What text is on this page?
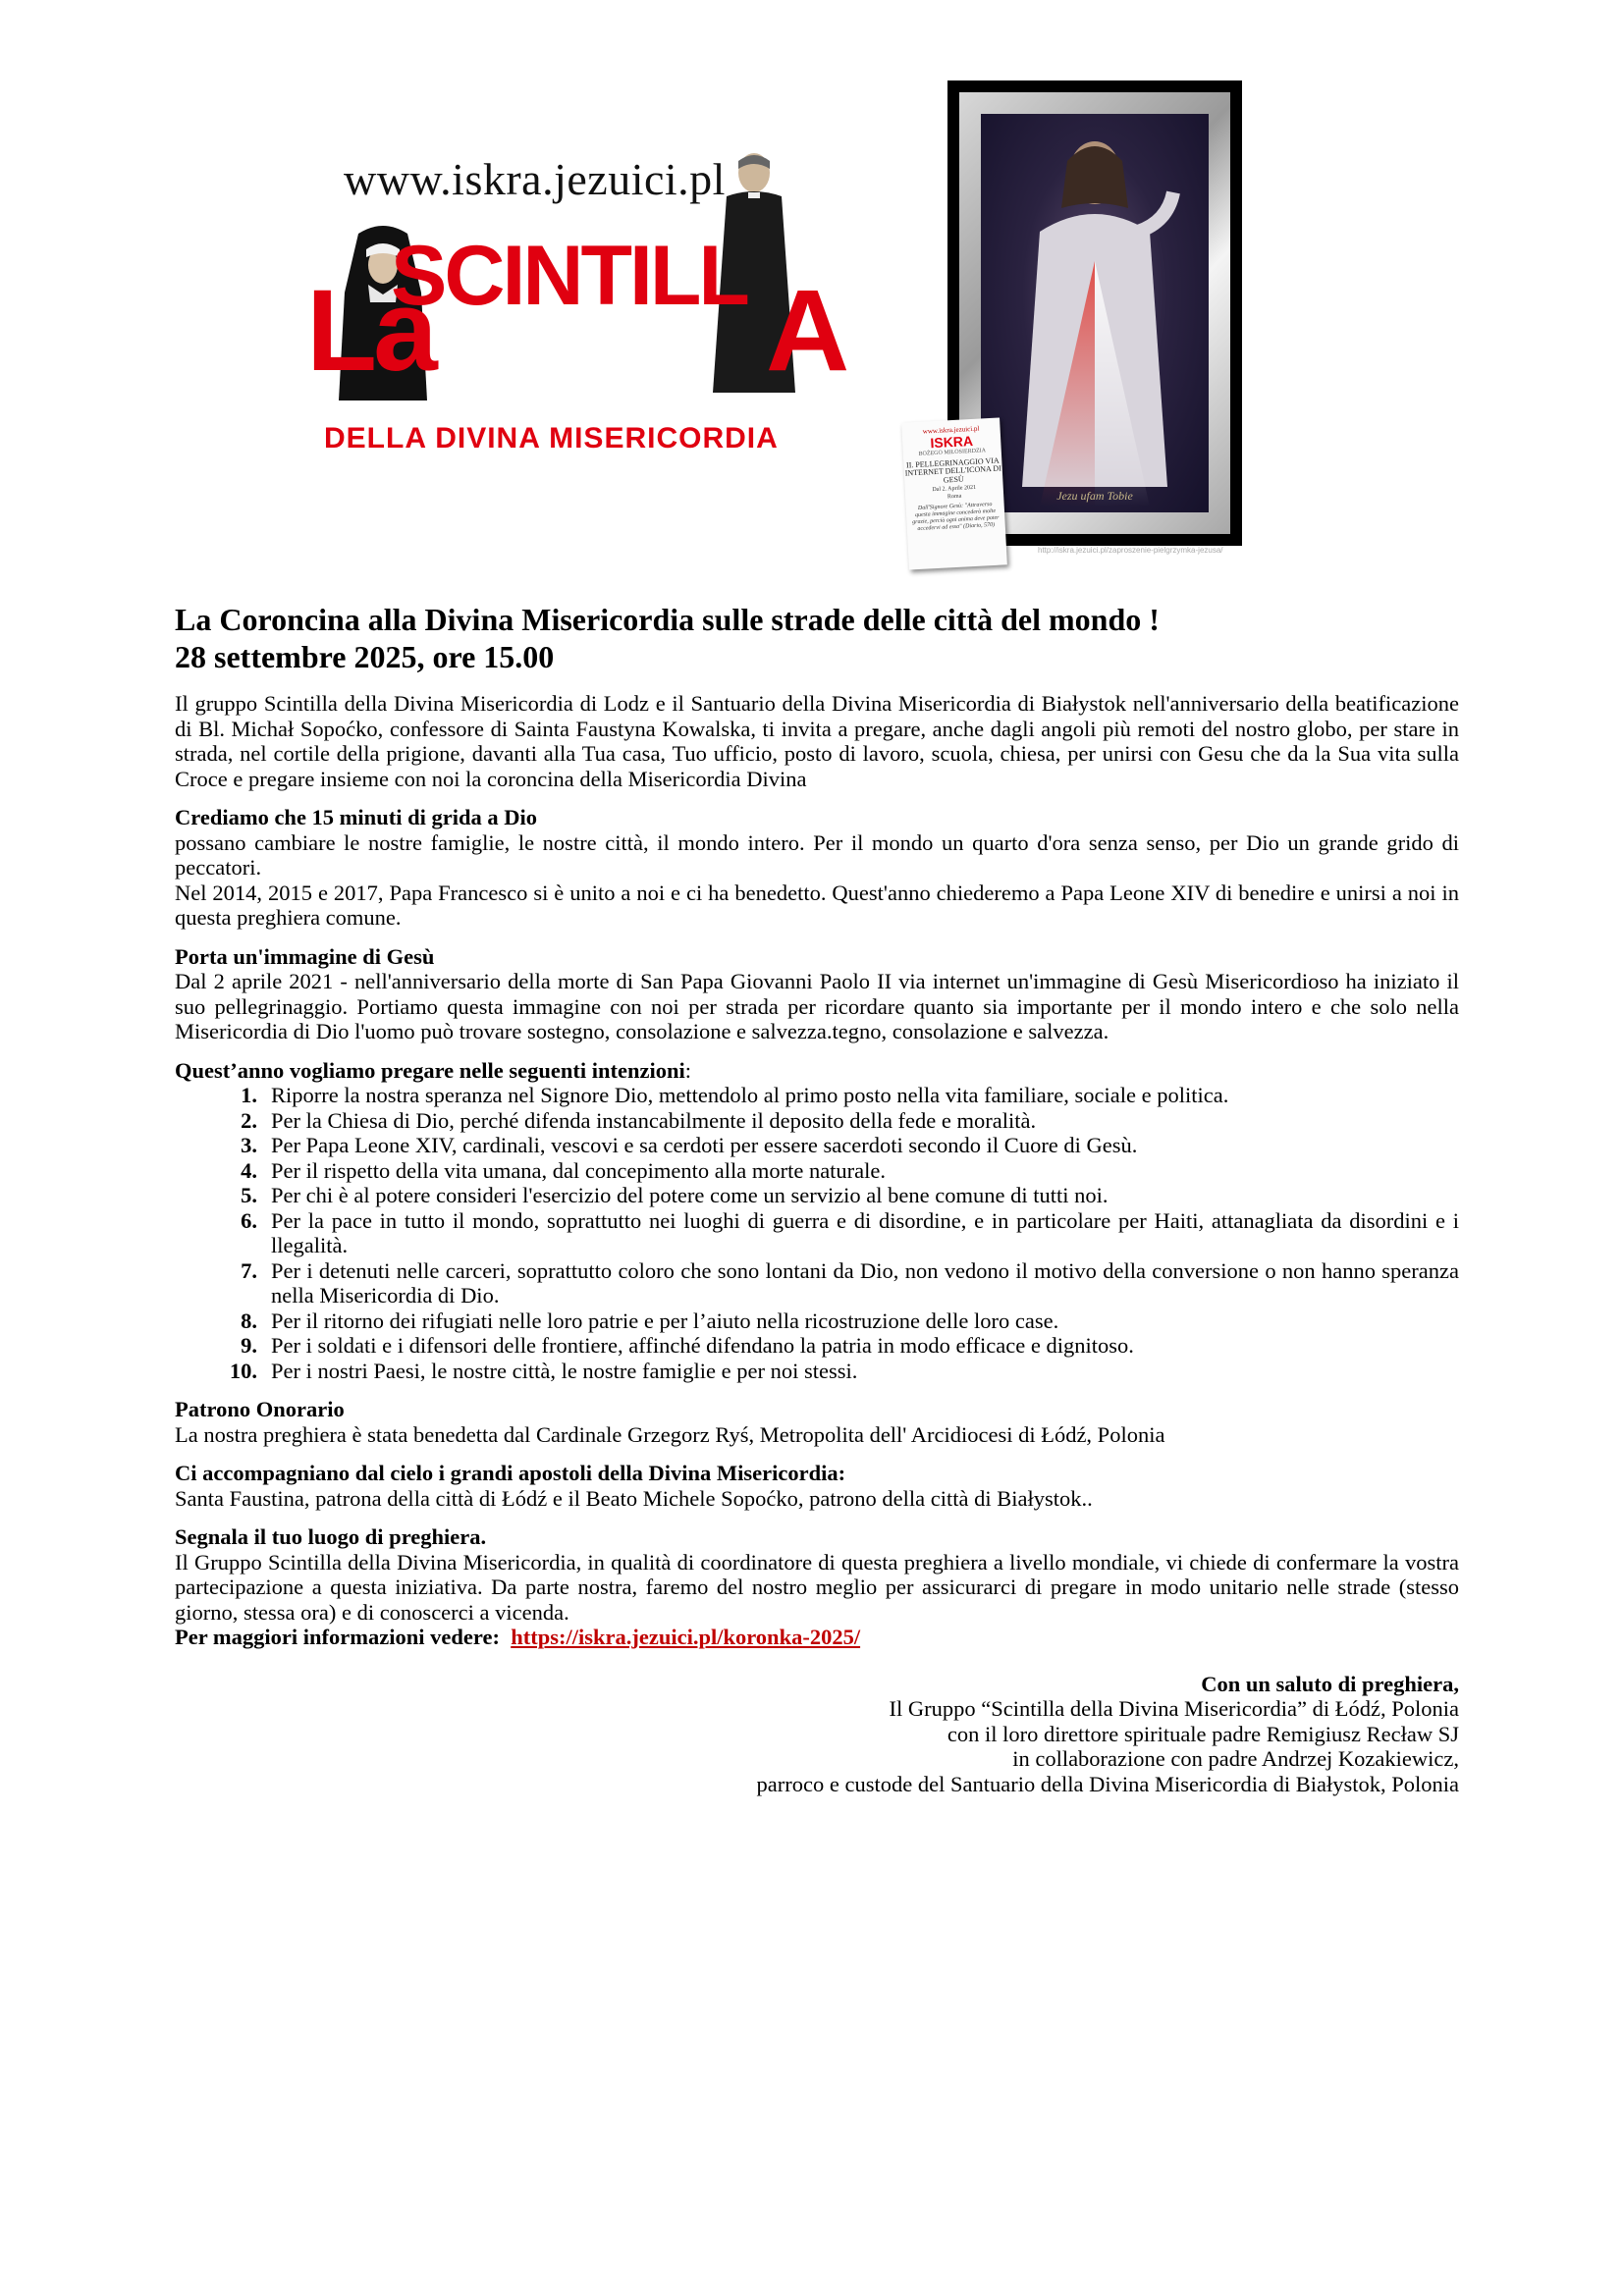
www.iskra.jezuici.pl
SCINTILL
La	A
DELLA DIVINA MISERICORDIA
Jezu ufam Tobie
http://iskra.jezuici.pl/zaproszenie-pielgrzymka-jezusa/
www.iskra.jezuici.pl
ISKRA
BOŻEGO MIŁOSIERDZIA
II. PELLEGRINAGGIO VIA INTERNET DELL'ICONA DI GESÙ
Dal 2. Aprile 2021
Roma
Dall'Signore Gesù: "Attraverso questa immagine concederò molte grazie, perciò ogni anima deve poter accedervi ad essa" (Diario, 570)
La Coroncina alla Divina Misericordia sulle strade delle città del mondo !
28 settembre 2025, ore 15.00

Il gruppo Scintilla della Divina Misericordia di Lodz e il Santuario della Divina Misericordia di Białystok nell'anniversario della beatificazione di Bl. Michał Sopoćko, confessore di Sainta Faustyna Kowalska, ti invita a pregare, anche dagli angoli più remoti del nostro globo, per stare in strada, nel cortile della prigione, davanti alla Tua casa, Tuo ufficio, posto di lavoro, scuola, chiesa, per unirsi con Gesu che da la Sua vita sulla Croce e pregare insieme con noi la coroncina della Misericordia Divina

Crediamo che 15 minuti di grida a Dio

possano cambiare le nostre famiglie, le nostre città, il mondo intero. Per il mondo un quarto d'ora senza senso, per Dio un grande grido di peccatori.

Nel 2014, 2015 e 2017, Papa Francesco si è unito a noi e ci ha benedetto. Quest'anno chiederemo a Papa Leone XIV di benedire e unirsi a noi in questa preghiera comune.

Porta un'immagine di Gesù

Dal 2 aprile 2021 - nell'anniversario della morte di San Papa Giovanni Paolo II via internet un'immagine di Gesù Misericordioso ha iniziato il suo pellegrinaggio. Portiamo questa immagine con noi per strada per ricordare quanto sia importante per il mondo intero e che solo nella Misericordia di Dio l'uomo può trovare sostegno, consolazione e salvezza.tegno, consolazione e salvezza.

Quest’anno vogliamo pregare nelle seguenti intenzioni:
1. Riporre la nostra speranza nel Signore Dio, mettendolo al primo posto nella vita familiare, sociale e politica.
2. Per la Chiesa di Dio, perché difenda instancabilmente il deposito della fede e moralità.
3. Per Papa Leone XIV, cardinali, vescovi e sa cerdoti per essere sacerdoti secondo il Cuore di Gesù.
4. Per il rispetto della vita umana, dal concepimento alla morte naturale.
5. Per chi è al potere consideri l'esercizio del potere come un servizio al bene comune di tutti noi.
6. Per la pace in tutto il mondo, soprattutto nei luoghi di guerra e di disordine, e in particolare per Haiti, attanagliata da disordini e i llegalità.
7. Per i detenuti nelle carceri, soprattutto coloro che sono lontani da Dio, non vedono il motivo della conversione o non hanno speranza nella Misericordia di Dio.
8. Per il ritorno dei rifugiati nelle loro patrie e per l’aiuto nella ricostruzione delle loro case.
9. Per i soldati e i difensori delle frontiere, affinché difendano la patria in modo efficace e dignitoso.
10. Per i nostri Paesi, le nostre città, le nostre famiglie e per noi stessi.
Patrono Onorario

La nostra preghiera è stata benedetta dal Cardinale Grzegorz Ryś, Metropolita dell' Arcidiocesi di Łódź, Polonia

Ci accompagniano dal cielo i grandi apostoli della Divina Misericordia:

Santa Faustina, patrona della città di Łódź e il Beato Michele Sopoćko, patrono della città di Białystok..

Segnala il tuo luogo di preghiera.

Il Gruppo Scintilla della Divina Misericordia, in qualità di coordinatore di questa preghiera a livello mondiale, vi chiede di confermare la vostra partecipazione a questa iniziativa. Da parte nostra, faremo del nostro meglio per assicurarci di pregare in modo unitario nelle strade (stesso giorno, stessa ora) e di conoscerci a vicenda.

Per maggiori informazioni vedere: https://iskra.jezuici.pl/koronka-2025/

Con un saluto di preghiera,
Il Gruppo “Scintilla della Divina Misericordia” di Łódź, Polonia
con il loro direttore spirituale padre Remigiusz Recław SJ
in collaborazione con padre Andrzej Kozakiewicz,
parroco e custode del Santuario della Divina Misericordia di Białystok, Polonia
